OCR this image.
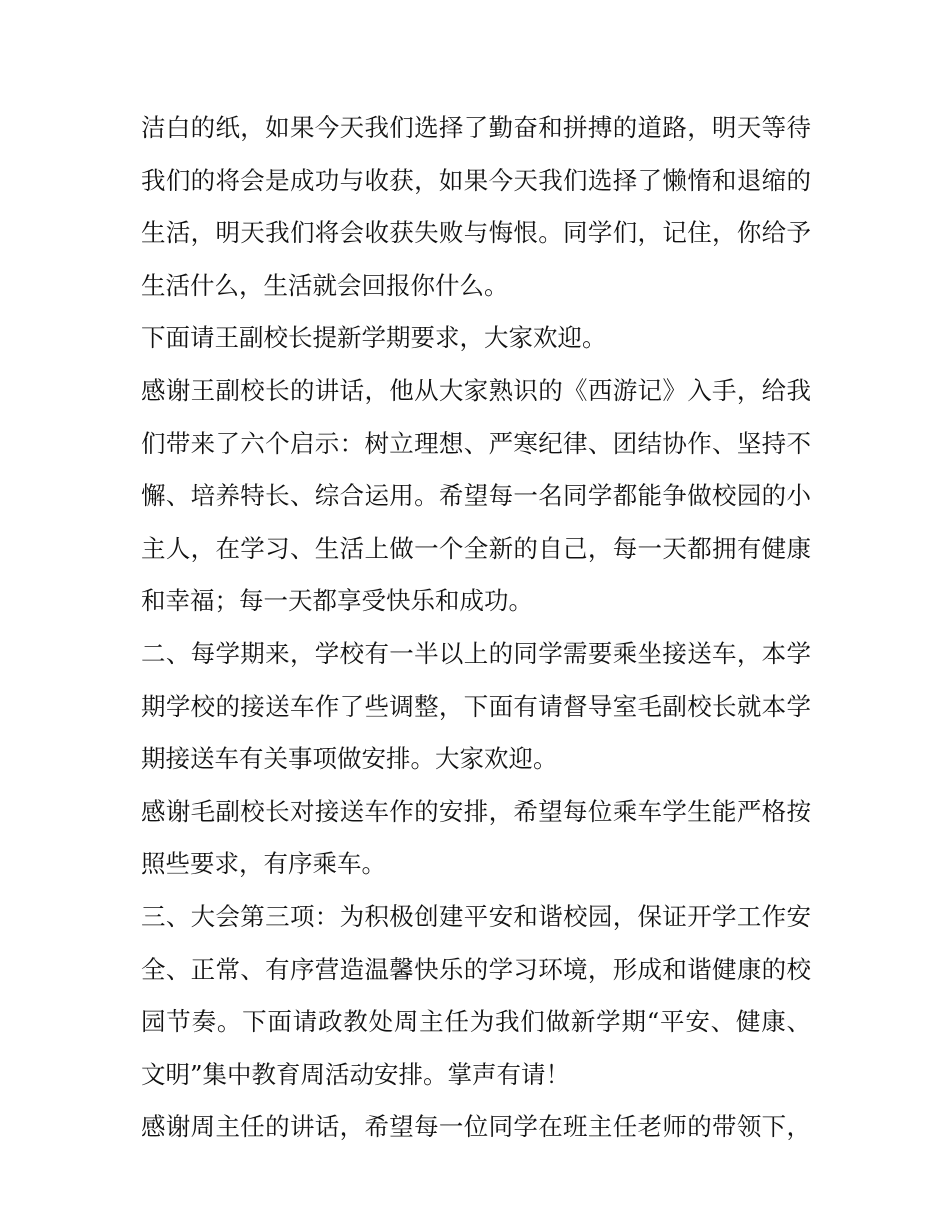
洁白的纸，如果今天我们选择了勤奋和拼搏的道路，明天等待
我们的将会是成功与收获，如果今天我们选择了懒惰和退缩的
生活，明天我们将会收获失败与悔恨。同学们，记住，你给予
生活什么，生活就会回报你什么。
下面请王副校长提新学期要求，大家欢迎。
感谢王副校长的讲话，他从大家熟识的《西游记》入手，给我
们带来了六个启示：树立理想、严寒纪律、团结协作、坚持不
懈、培养特长、综合运用。希望每一名同学都能争做校园的小
主人，在学习、生活上做一个全新的自己，每一天都拥有健康
和幸福；每一天都享受快乐和成功。
二、每学期来，学校有一半以上的同学需要乘坐接送车，本学
期学校的接送车作了些调整，下面有请督导室毛副校长就本学
期接送车有关事项做安排。大家欢迎。
感谢毛副校长对接送车作的安排，希望每位乘车学生能严格按
照些要求，有序乘车。
三、大会第三项：为积极创建平安和谐校园，保证开学工作安
全、正常、有序营造温馨快乐的学习环境，形成和谐健康的校
园节奏。下面请政教处周主任为我们做新学期“平安、健康、
文明”集中教育周活动安排。掌声有请！
感谢周主任的讲话，希望每一位同学在班主任老师的带领下，
